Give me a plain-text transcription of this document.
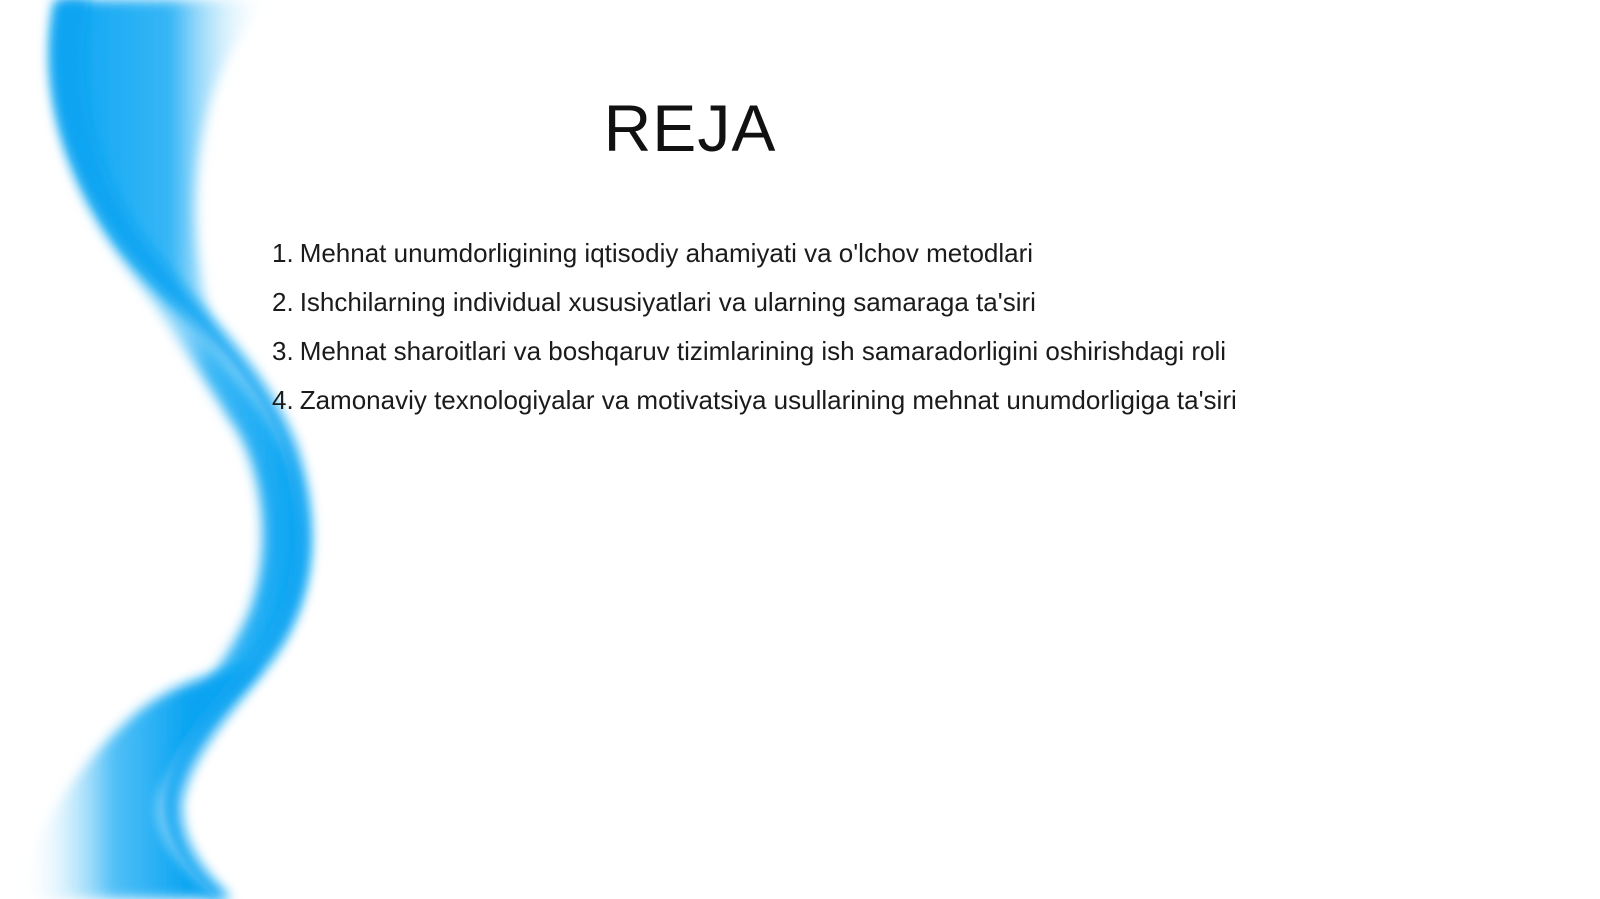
REJA
1. Mehnat unumdorligining iqtisodiy ahamiyati va o'lchov metodlari
2. Ishchilarning individual xususiyatlari va ularning samaraga ta'siri
3. Mehnat sharoitlari va boshqaruv tizimlarining ish samaradorligini oshirishdagi roli
4. Zamonaviy texnologiyalar va motivatsiya usullarining mehnat unumdorligiga ta'siri
